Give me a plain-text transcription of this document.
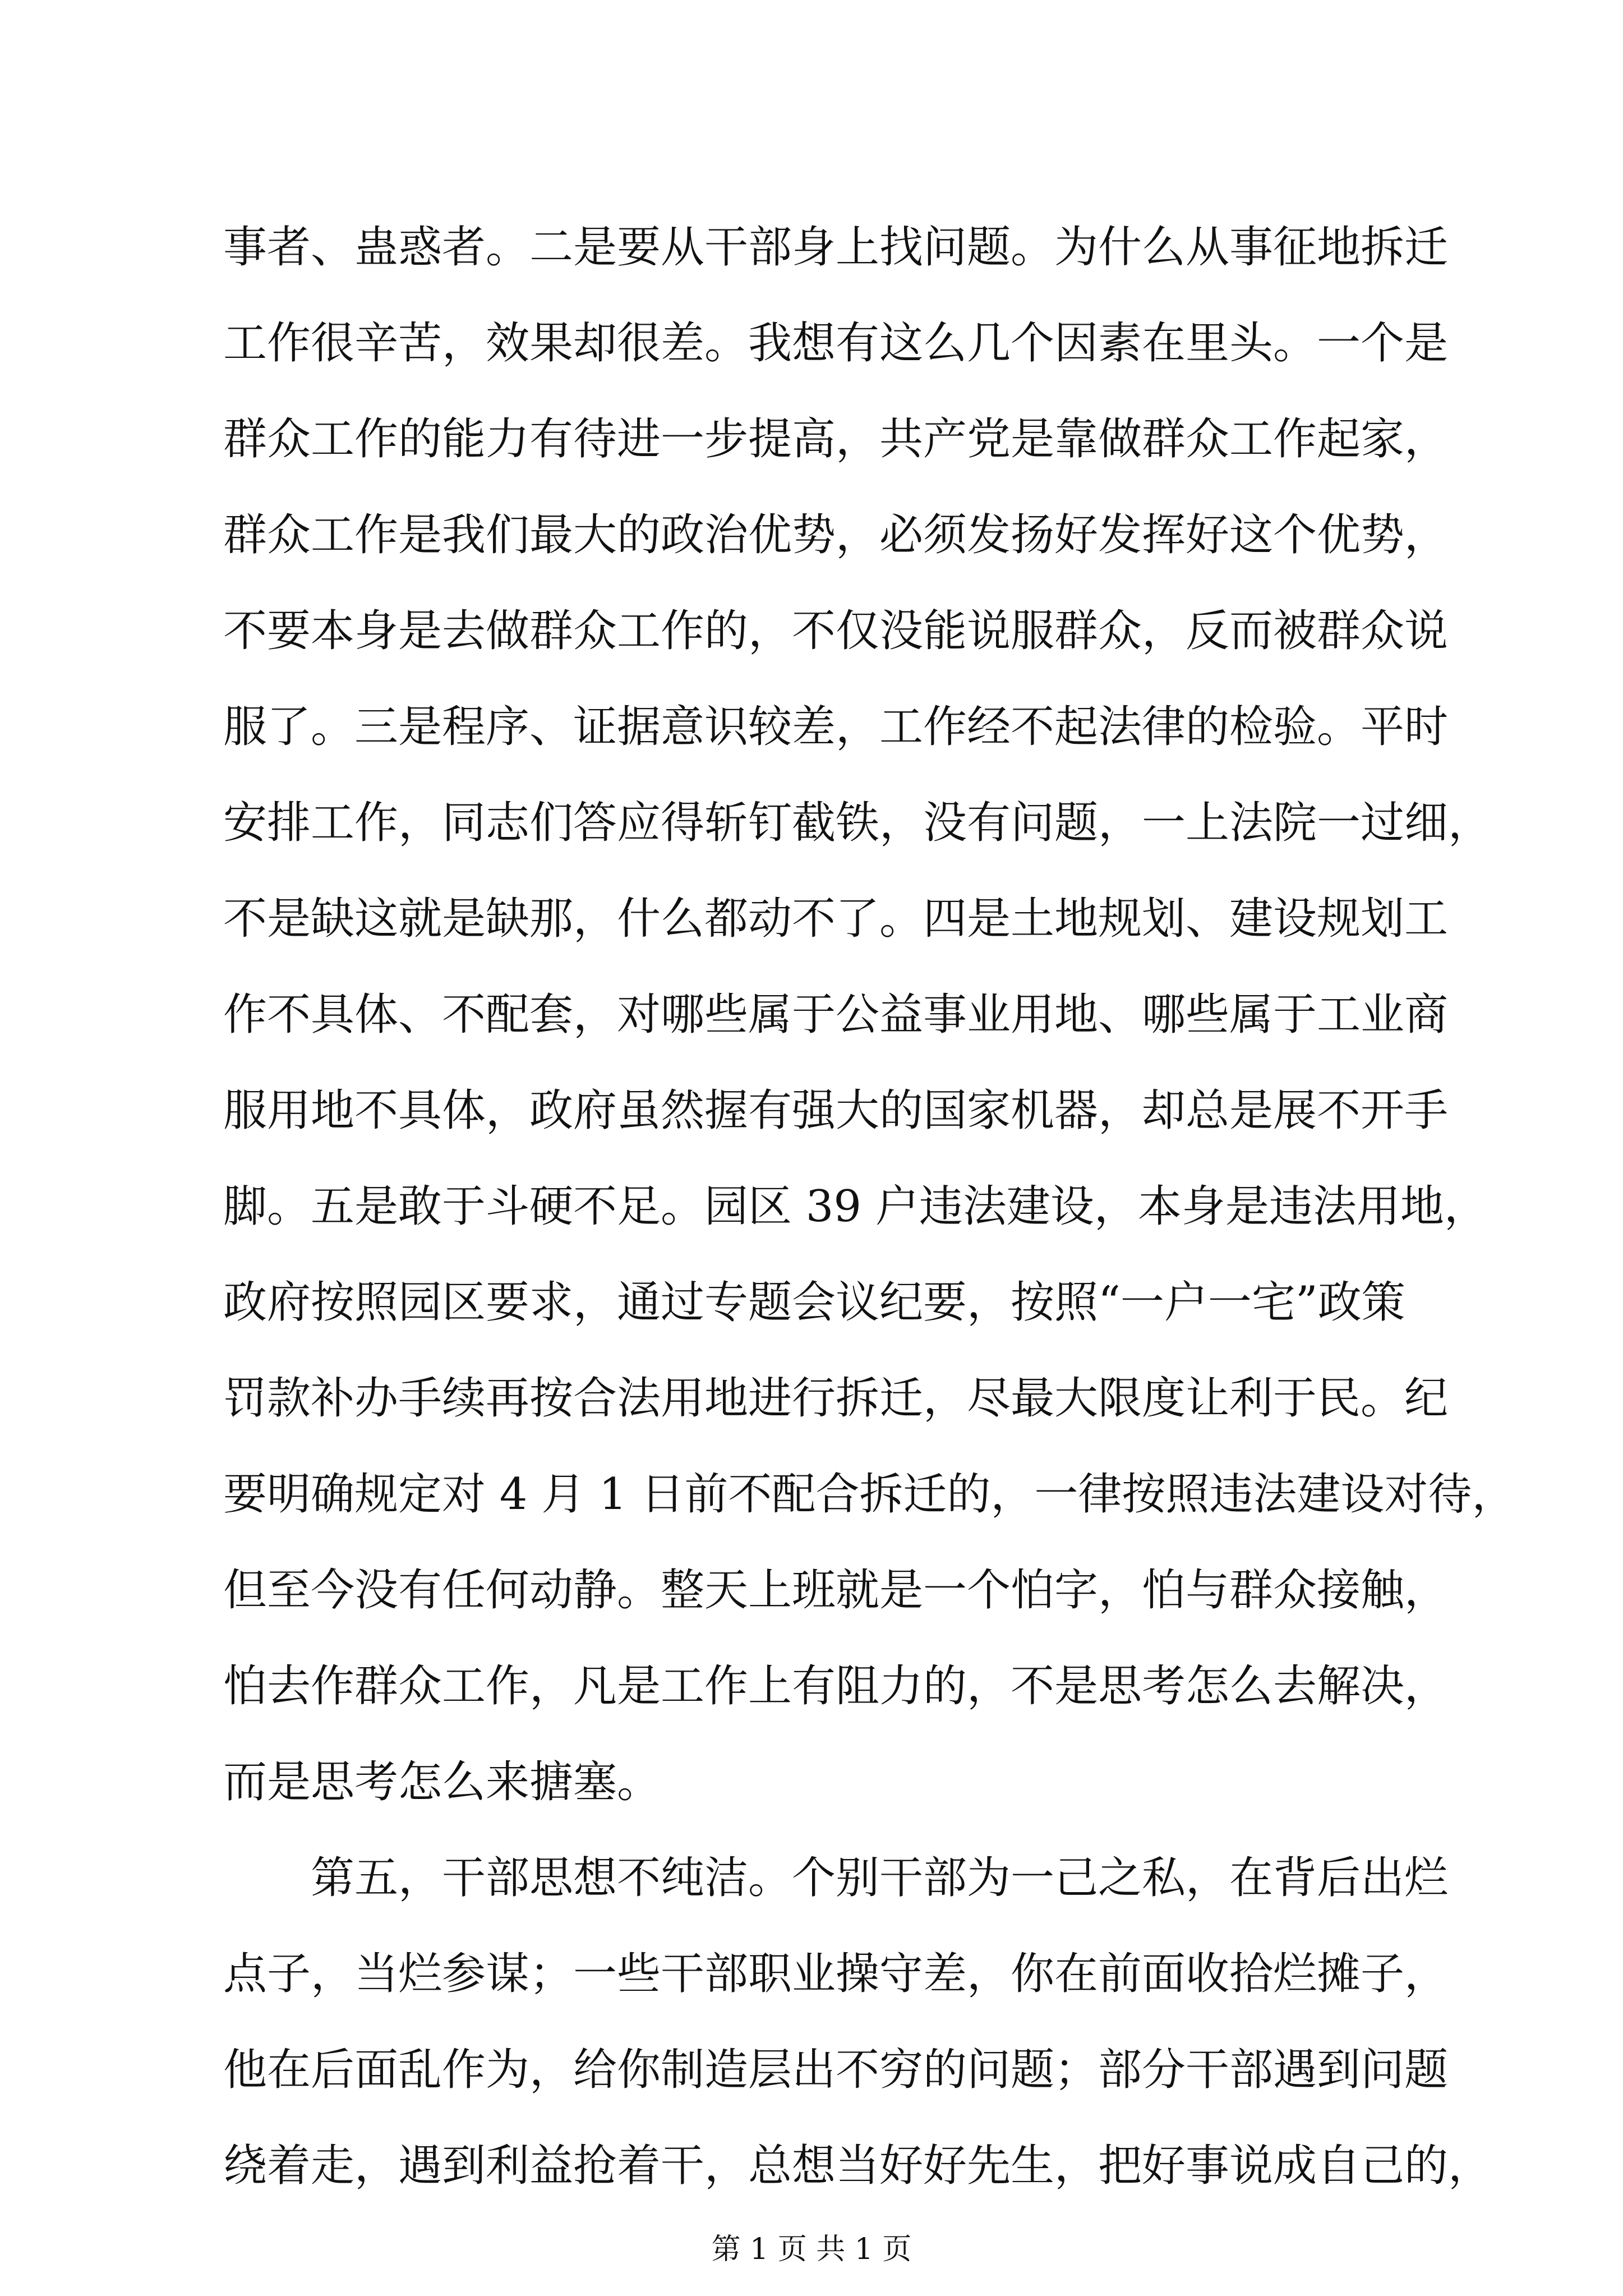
事者、蛊惑者。二是要从干部身上找问题。为什么从事征地拆迁
工作很辛苦，效果却很差。我想有这么几个因素在里头。一个是
群众工作的能力有待进一步提高，共产党是靠做群众工作起家，
群众工作是我们最大的政治优势，必须发扬好发挥好这个优势，
不要本身是去做群众工作的，不仅没能说服群众，反而被群众说
服了。三是程序、证据意识较差，工作经不起法律的检验。平时
安排工作，同志们答应得斩钉截铁，没有问题，一上法院一过细，
不是缺这就是缺那，什么都动不了。四是土地规划、建设规划工
作不具体、不配套，对哪些属于公益事业用地、哪些属于工业商
服用地不具体，政府虽然握有强大的国家机器，却总是展不开手
脚。五是敢于斗硬不足。园区 39 户违法建设，本身是违法用地，
政府按照园区要求，通过专题会议纪要，按照“一户一宅”政策
罚款补办手续再按合法用地进行拆迁，尽最大限度让利于民。纪
要明确规定对 4 月 1 日前不配合拆迁的，一律按照违法建设对待，
但至今没有任何动静。整天上班就是一个怕字，怕与群众接触，
怕去作群众工作，凡是工作上有阻力的，不是思考怎么去解决，
而是思考怎么来搪塞。
　　第五，干部思想不纯洁。个别干部为一己之私，在背后出烂
点子，当烂参谋；一些干部职业操守差，你在前面收拾烂摊子，
他在后面乱作为，给你制造层出不穷的问题；部分干部遇到问题
绕着走，遇到利益抢着干，总想当好好先生，把好事说成自己的，
第 1 页 共 1 页
